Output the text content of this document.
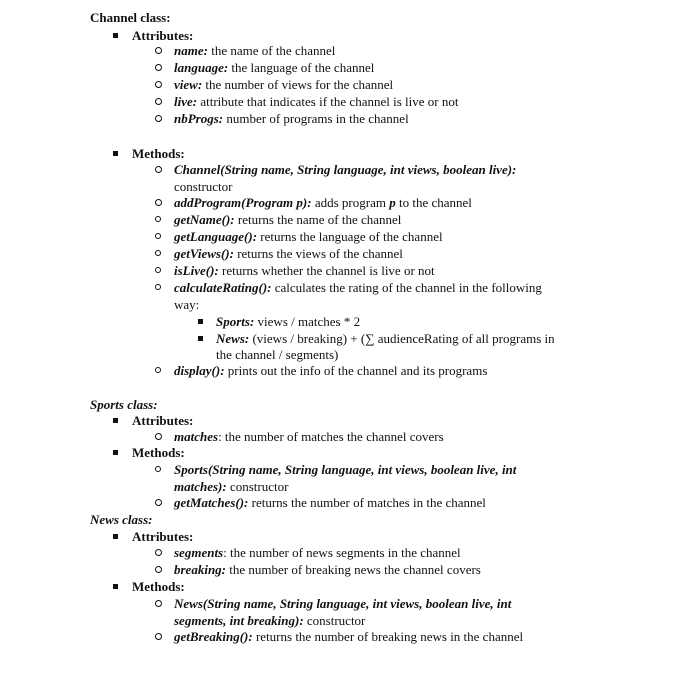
Channel class:
Attributes:
name: the name of the channel
language: the language of the channel
view: the number of views for the channel
live: attribute that indicates if the channel is live or not
nbProgs: number of programs in the channel
Methods:
Channel(String name, String language, int views, boolean live):
constructor
addProgram(Program p): adds program p to the channel
getName(): returns the name of the channel
getLanguage(): returns the language of the channel
getViews(): returns the views of the channel
isLive(): returns whether the channel is live or not
calculateRating(): calculates the rating of the channel in the following
way:
Sports: views / matches * 2
News: (views / breaking) + (∑ audienceRating of all programs in
the channel / segments)
display(): prints out the info of the channel and its programs
Sports class:
Attributes:
matches: the number of matches the channel covers
Methods:
Sports(String name, String language, int views, boolean live, int
matches): constructor
getMatches(): returns the number of matches in the channel
News class:
Attributes:
segments: the number of news segments in the channel
breaking: the number of breaking news the channel covers
Methods:
News(String name, String language, int views, boolean live, int
segments, int breaking): constructor
getBreaking(): returns the number of breaking news in the channel
